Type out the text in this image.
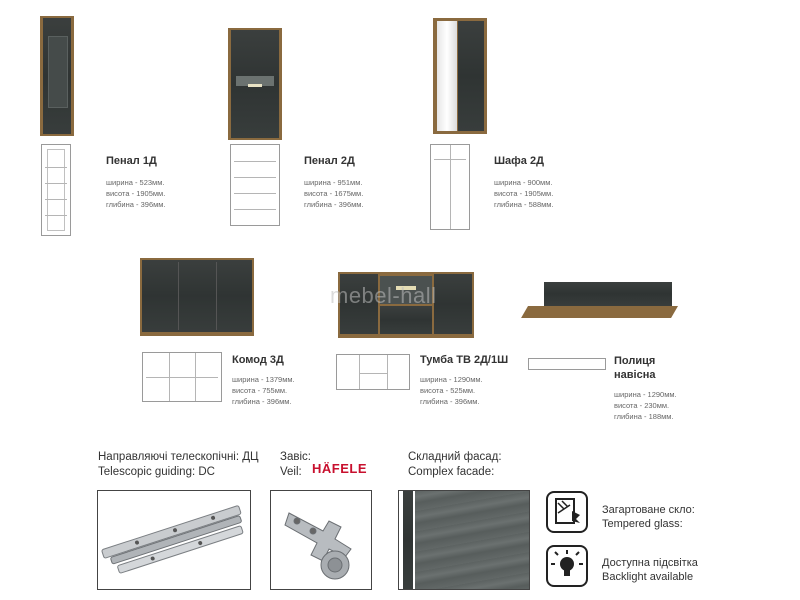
Пенал 1Д
ширина - 523мм.
висота - 1905мм.
глибина - 396мм.
Пенал 2Д
ширина - 951мм.
висота - 1675мм.
глибина - 396мм.
Шафа 2Д
ширина - 900мм.
висота - 1905мм.
глибина - 588мм.
Комод 3Д
ширина - 1379мм.
висота - 755мм.
глибина - 396мм.
Тумба ТВ 2Д/1Ш
ширина - 1290мм.
висота - 525мм.
глибина - 396мм.
Полиця
навісна
ширина - 1290мм.
висота - 230мм.
глибина - 188мм.
mebel-hall
Направляючі телескопічні: ДЦ
Telescopic guiding: DC
Завіс:
Veil: HÄFELE
Складний фасад:
Complex facade:
Загартоване скло:
Tempered glass:
Доступна підсвітка
Backlight available
